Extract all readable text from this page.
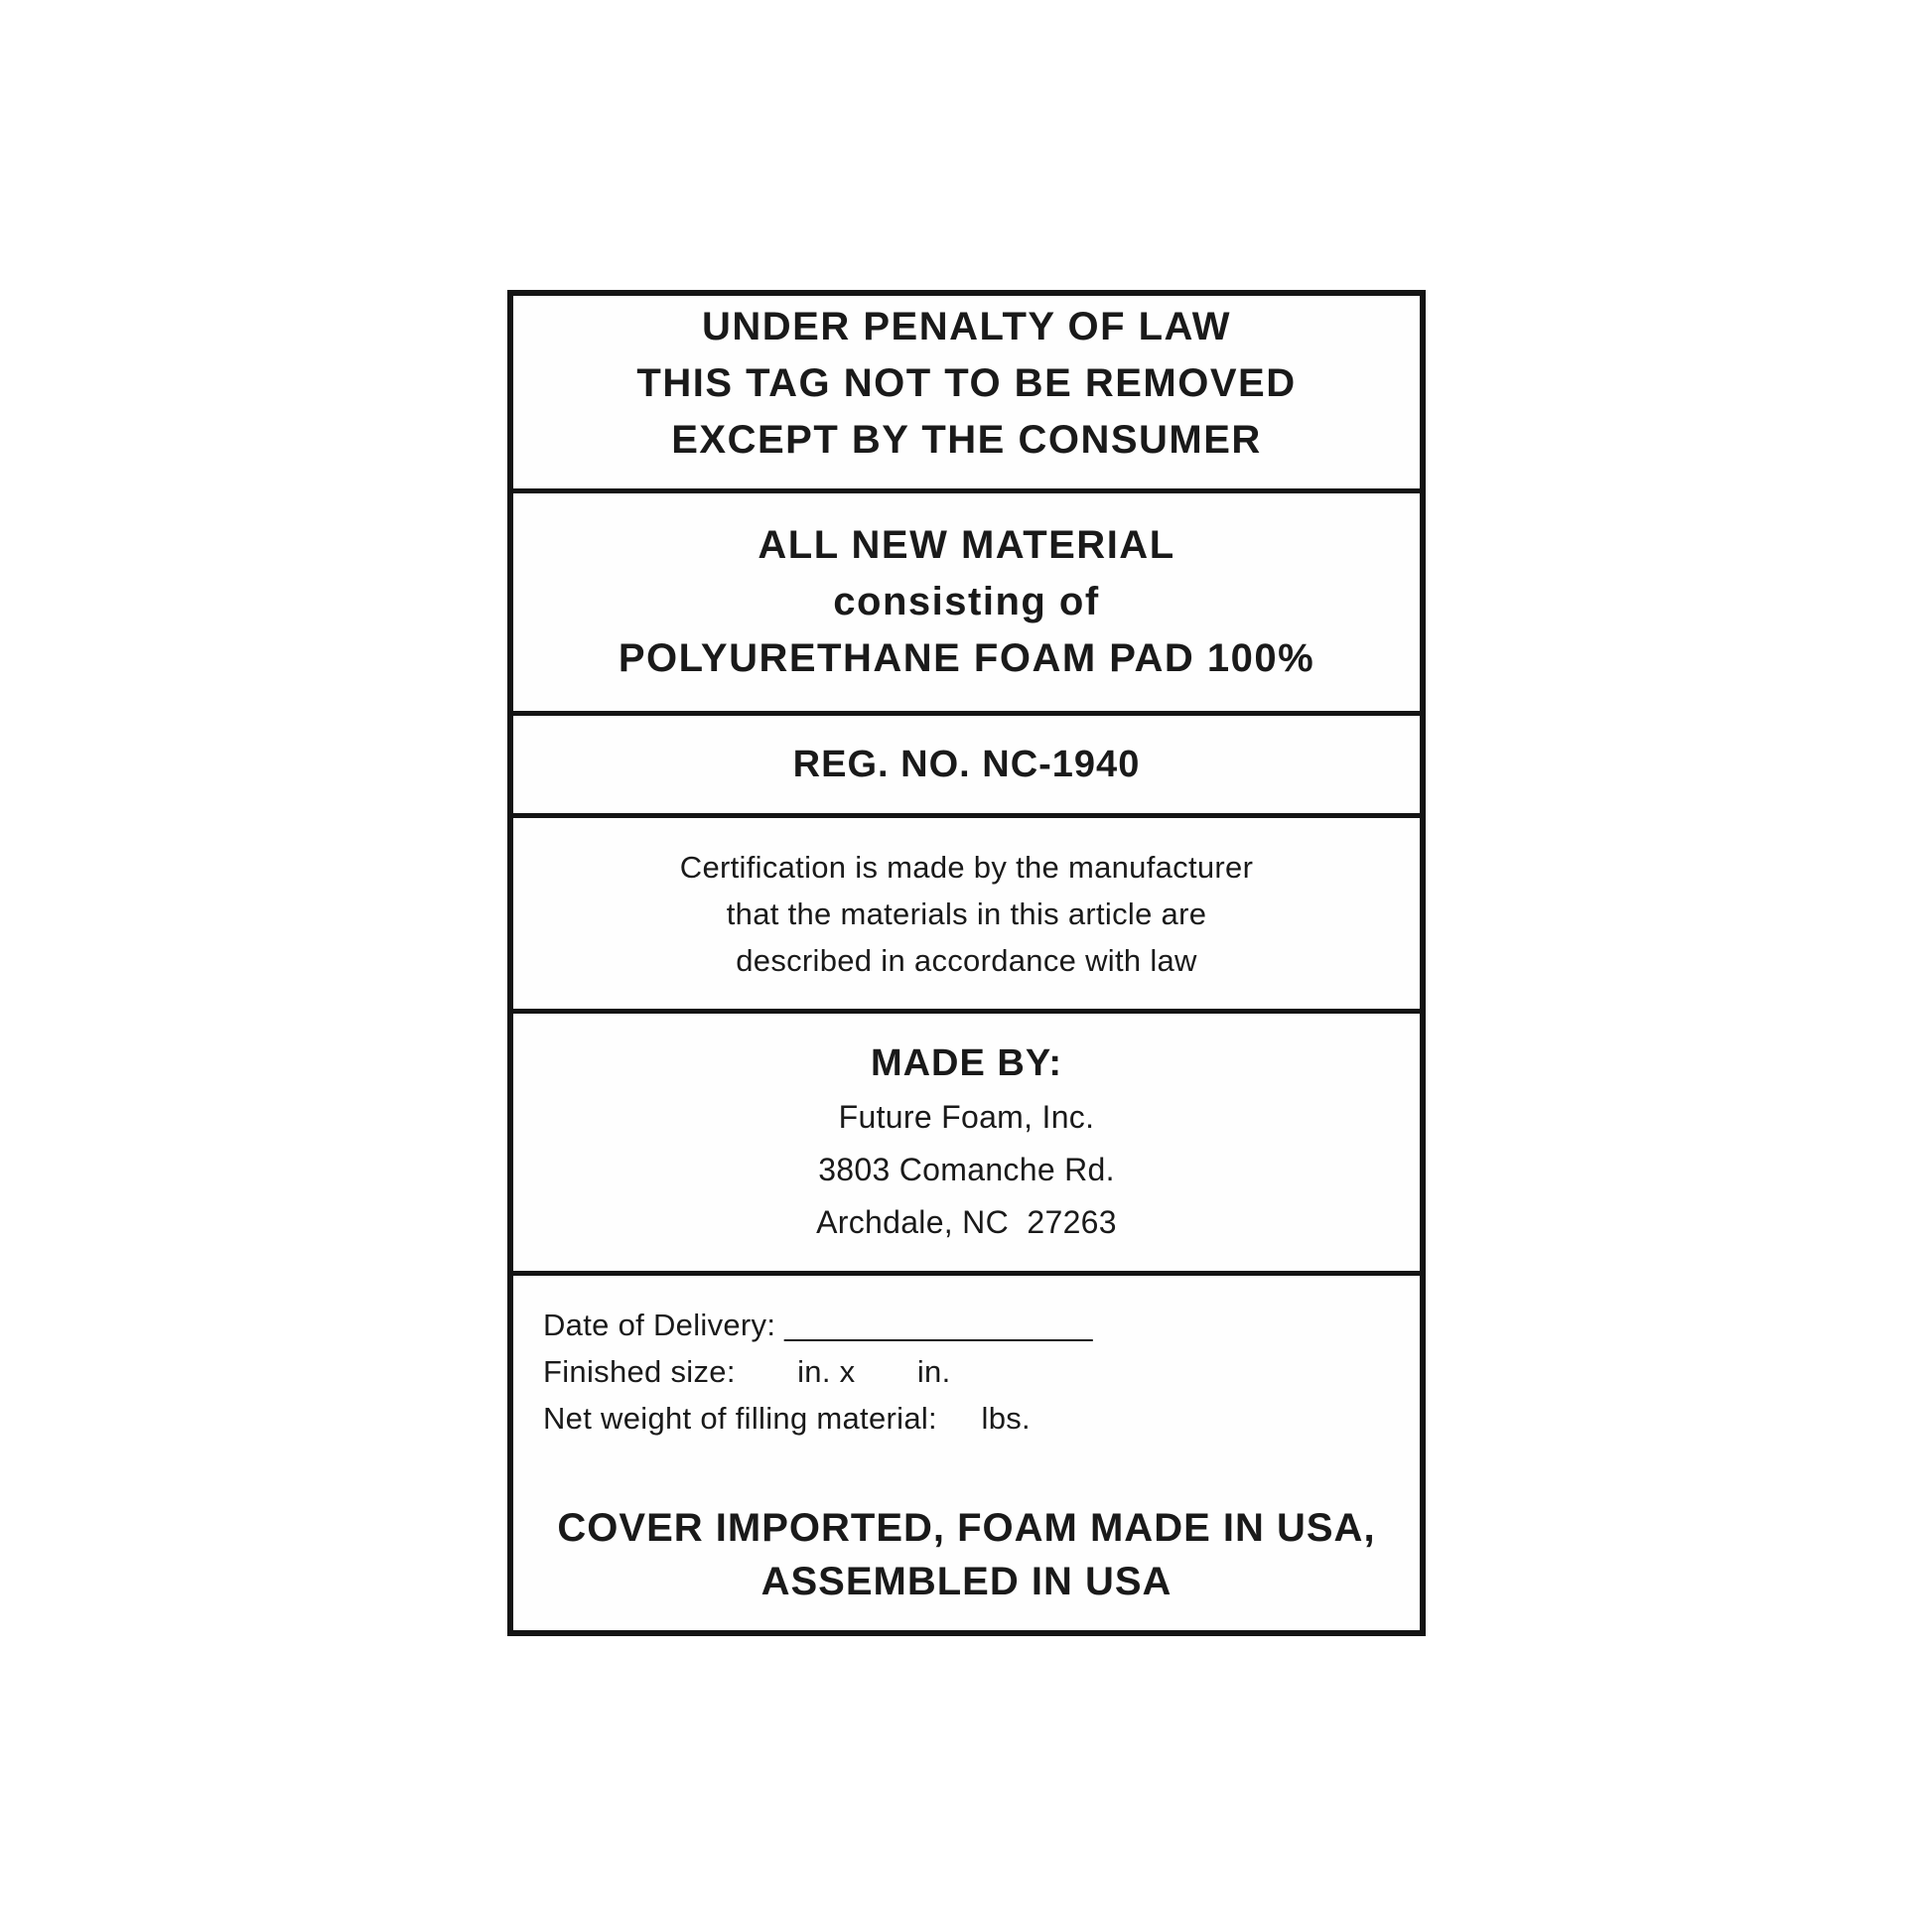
UNDER PENALTY OF LAW

THIS TAG NOT TO BE REMOVED

EXCEPT BY THE CONSUMER

ALL NEW MATERIAL

consisting of

POLYURETHANE FOAM PAD 100%

REG. NO. NC-1940

Certification is made by the manufacturer

that the materials in this article are

described in accordance with law

MADE BY:

Future Foam, Inc.

3803 Comanche Rd.

Archdale, NC  27263

Date of Delivery: __________________

Finished size:       in. x       in.

Net weight of filling material:     lbs.

COVER IMPORTED, FOAM MADE IN USA,

ASSEMBLED IN USA
